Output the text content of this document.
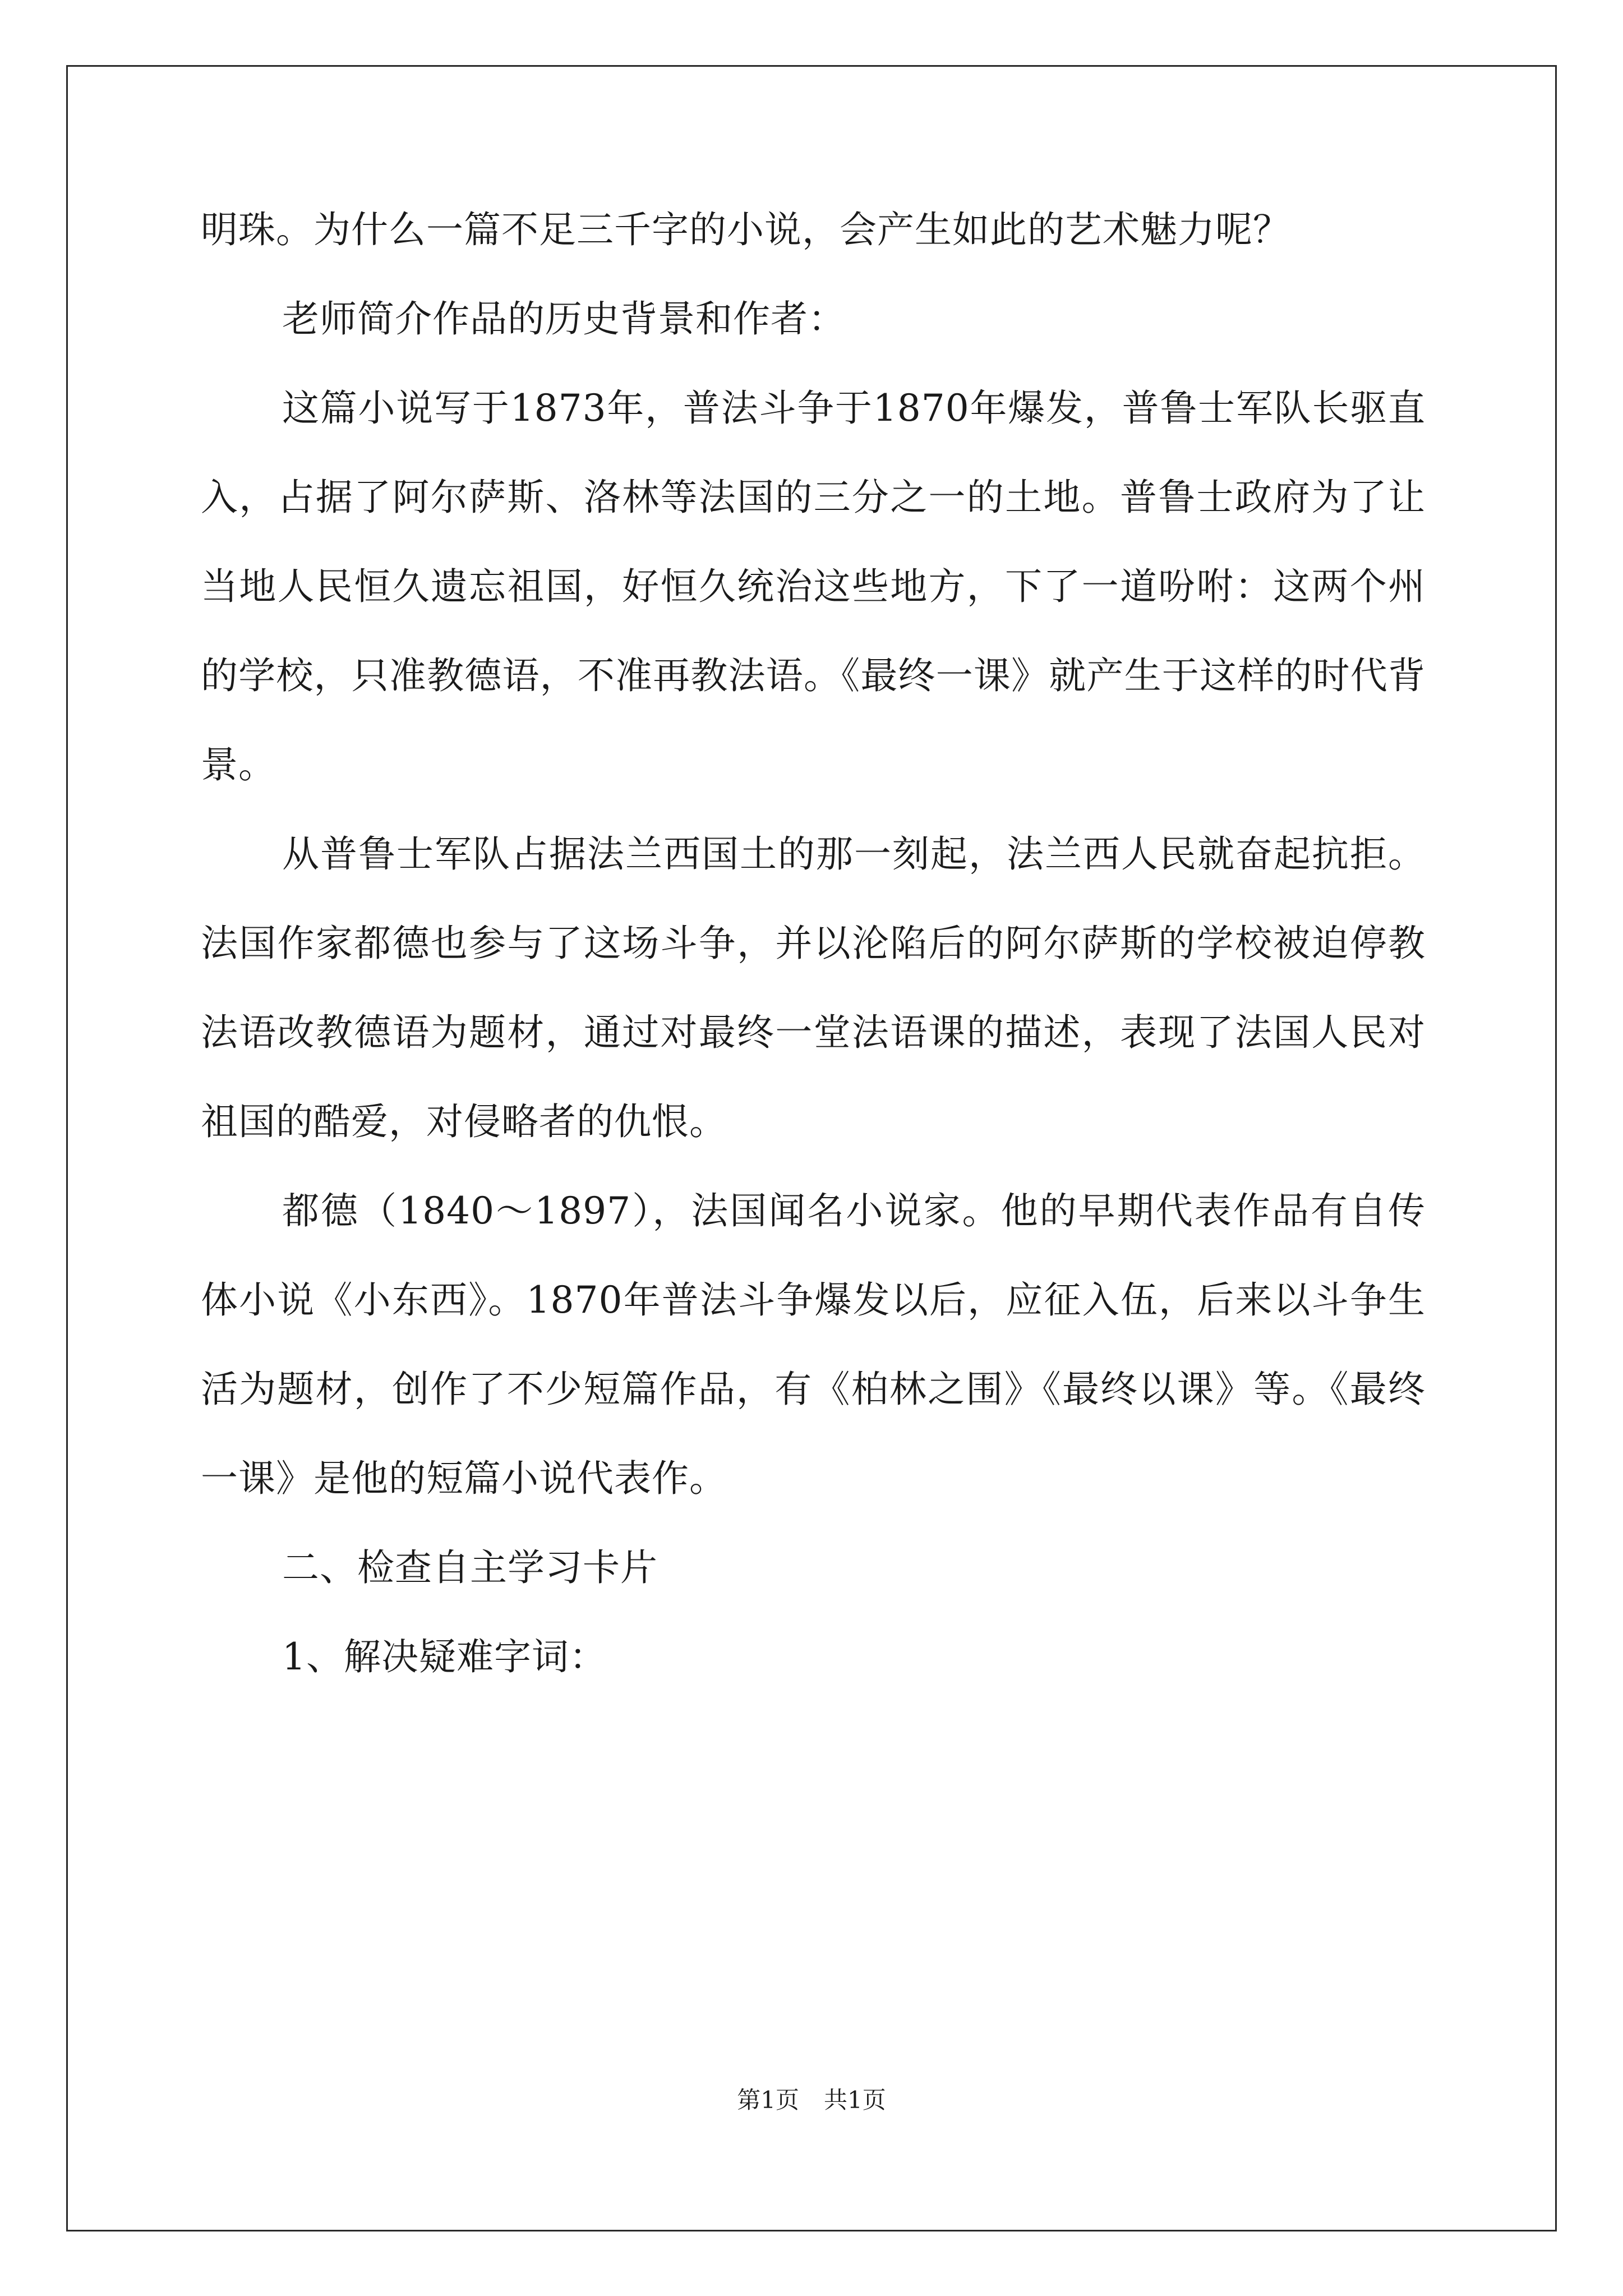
明珠。为什么一篇不足三千字的小说，会产生如此的艺术魅力呢？

老师简介作品的历史背景和作者：

这篇小说写于1873年，普法斗争于1870年爆发，普鲁士军队长驱直入，占据了阿尔萨斯、洛林等法国的三分之一的土地。普鲁士政府为了让当地人民恒久遗忘祖国，好恒久统治这些地方，下了一道吩咐：这两个州的学校，只准教德语，不准再教法语。《最终一课》就产生于这样的时代背景。

从普鲁士军队占据法兰西国土的那一刻起，法兰西人民就奋起抗拒。法国作家都德也参与了这场斗争，并以沦陷后的阿尔萨斯的学校被迫停教法语改教德语为题材，通过对最终一堂法语课的描述，表现了法国人民对祖国的酷爱，对侵略者的仇恨。

都德（1840～1897），法国闻名小说家。他的早期代表作品有自传体小说《小东西》。1870年普法斗争爆发以后，应征入伍，后来以斗争生活为题材，创作了不少短篇作品，有《柏林之围》《最终以课》等。《最终一课》是他的短篇小说代表作。

二、检查自主学习卡片

1、解决疑难字词：

第1页 共1页
